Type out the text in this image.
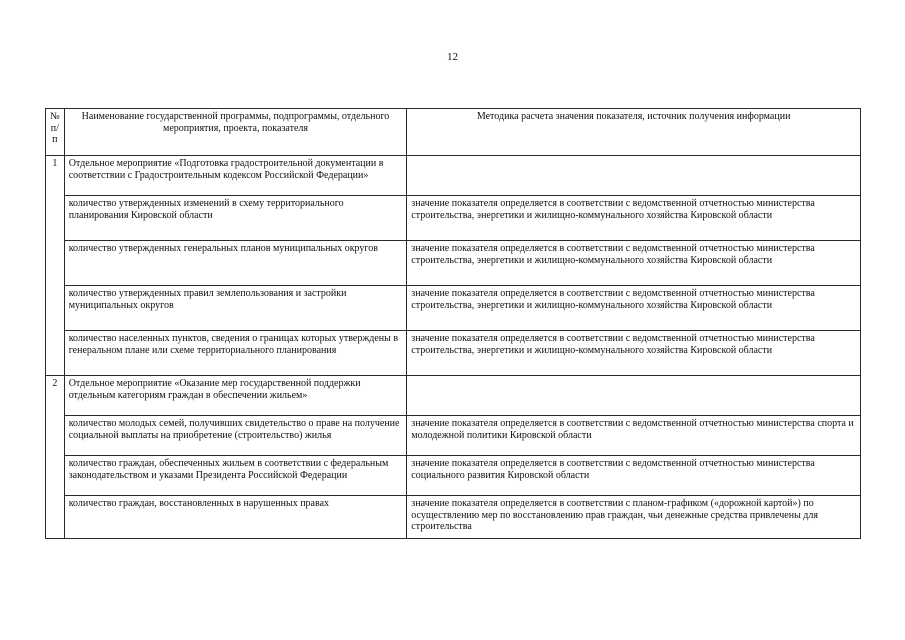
12
№ п/п	Наименование государственной программы, подпрограммы, отдельного мероприятия, проекта, показателя	Методика расчета значения показателя, источник получения информации
1	Отдельное мероприятие «Подготовка градостроительной документации в соответствии с Градостроительным кодексом Российской Федерации»	
	количество утвержденных изменений в схему территориального планирования Кировской области	значение показателя определяется в соответствии с ведомственной отчетностью министерства строительства, энергетики и жилищно-коммунального хозяйства Кировской области
	количество утвержденных генеральных планов муниципальных округов	значение показателя определяется в соответствии с ведомственной отчетностью министерства строительства, энергетики и жилищно-коммунального хозяйства Кировской области
	количество утвержденных правил землепользования и застройки муниципальных округов	значение показателя определяется в соответствии с ведомственной отчетностью министерства строительства, энергетики и жилищно-коммунального хозяйства Кировской области
	количество населенных пунктов, сведения о границах которых утверждены в генеральном плане или схеме территориального планирования	значение показателя определяется в соответствии с ведомственной отчетностью министерства строительства, энергетики и жилищно-коммунального хозяйства Кировской области
2	Отдельное мероприятие «Оказание мер государственной поддержки отдельным категориям граждан в обеспечении жильем»	
	количество молодых семей, получивших свидетельство о праве на получение социальной выплаты на приобретение (строительство) жилья	значение показателя определяется в соответствии с ведомственной отчетностью министерства спорта и молодежной политики Кировской области
	количество граждан, обеспеченных жильем в соответствии с федеральным законодательством и указами Президента Российской Федерации	значение показателя определяется в соответствии с ведомственной отчетностью министерства социального развития Кировской области
	количество граждан, восстановленных в нарушенных правах	значение показателя определяется в соответствии с планом-графиком («дорожной картой») по осуществлению мер по восстановлению прав граждан, чьи денежные средства привлечены для строительства
